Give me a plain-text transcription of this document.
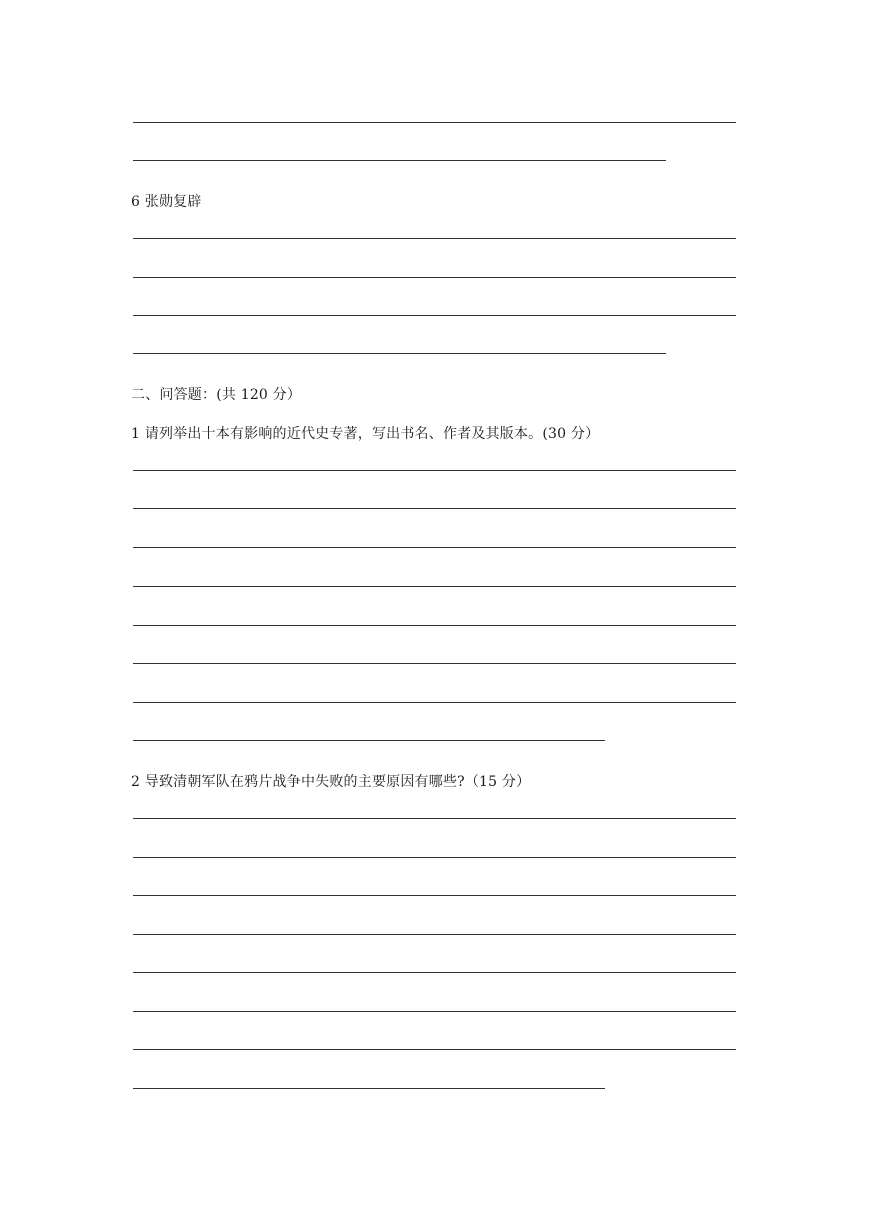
6 张勋复辟
二、问答题：(共 120 分）
1 请列举出十本有影响的近代史专著，写出书名、作者及其版本。(30 分）
2 导致清朝军队在鸦片战争中失败的主要原因有哪些?（15 分）
